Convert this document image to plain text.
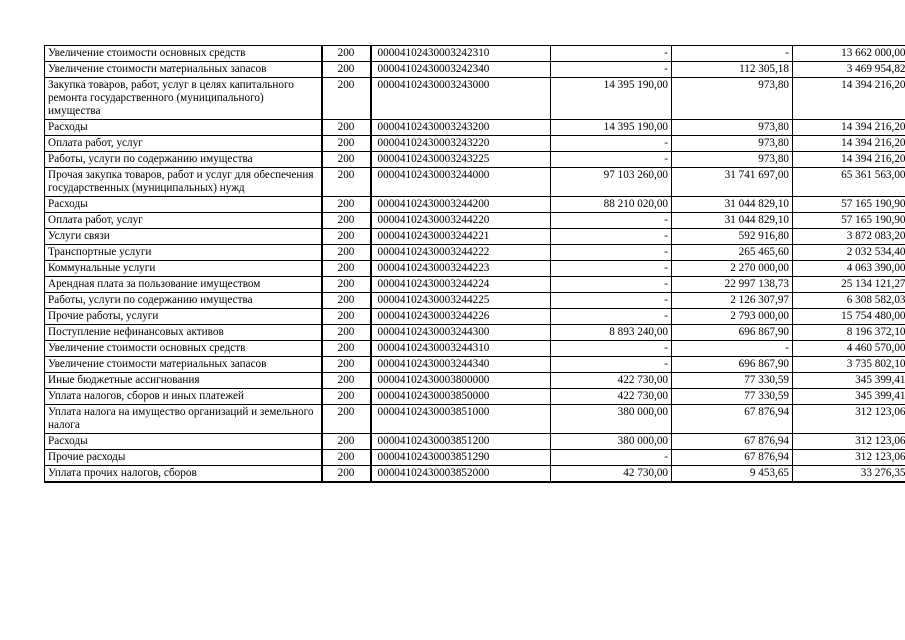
Увеличение стоимости основных средств	200	00004102430003242310	-	-	13 662 000,00
Увеличение стоимости материальных запасов	200	00004102430003242340	-	112 305,18	3 469 954,82
Закупка товаров, работ, услуг в целях капитального ремонта государственного (муниципального) имущества	200	00004102430003243000	14 395 190,00	973,80	14 394 216,20
Расходы	200	00004102430003243200	14 395 190,00	973,80	14 394 216,20
Оплата работ, услуг	200	00004102430003243220	-	973,80	14 394 216,20
Работы, услуги по содержанию имущества	200	00004102430003243225	-	973,80	14 394 216,20
Прочая закупка товаров, работ и услуг для обеспечения государственных (муниципальных) нужд	200	00004102430003244000	97 103 260,00	31 741 697,00	65 361 563,00
Расходы	200	00004102430003244200	88 210 020,00	31 044 829,10	57 165 190,90
Оплата работ, услуг	200	00004102430003244220	-	31 044 829,10	57 165 190,90
Услуги связи	200	00004102430003244221	-	592 916,80	3 872 083,20
Транспортные услуги	200	00004102430003244222	-	265 465,60	2 032 534,40
Коммунальные услуги	200	00004102430003244223	-	2 270 000,00	4 063 390,00
Арендная плата за пользование имуществом	200	00004102430003244224	-	22 997 138,73	25 134 121,27
Работы, услуги по содержанию имущества	200	00004102430003244225	-	2 126 307,97	6 308 582,03
Прочие работы, услуги	200	00004102430003244226	-	2 793 000,00	15 754 480,00
Поступление нефинансовых активов	200	00004102430003244300	8 893 240,00	696 867,90	8 196 372,10
Увеличение стоимости основных средств	200	00004102430003244310	-	-	4 460 570,00
Увеличение стоимости материальных запасов	200	00004102430003244340	-	696 867,90	3 735 802,10
Иные бюджетные ассигнования	200	00004102430003800000	422 730,00	77 330,59	345 399,41
Уплата налогов, сборов и иных платежей	200	00004102430003850000	422 730,00	77 330,59	345 399,41
Уплата налога на имущество организаций и земельного налога	200	00004102430003851000	380 000,00	67 876,94	312 123,06
Расходы	200	00004102430003851200	380 000,00	67 876,94	312 123,06
Прочие расходы	200	00004102430003851290	-	67 876,94	312 123,06
Уплата прочих налогов, сборов	200	00004102430003852000	42 730,00	9 453,65	33 276,35
